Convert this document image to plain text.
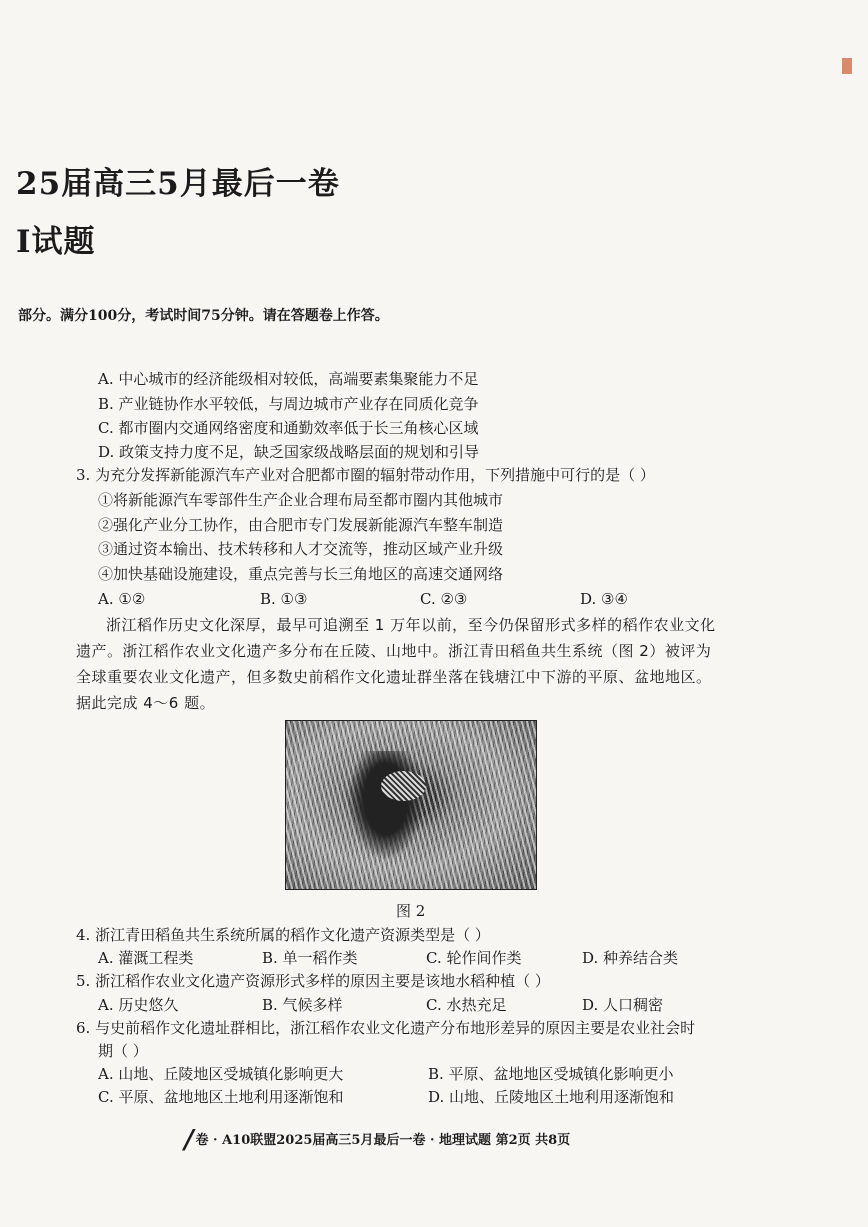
25届高三5月最后一卷
I试题
部分。满分100分，考试时间75分钟。请在答题卷上作答。
A. 中心城市的经济能级相对较低，高端要素集聚能力不足
B. 产业链协作水平较低，与周边城市产业存在同质化竞争
C. 都市圈内交通网络密度和通勤效率低于长三角核心区域
D. 政策支持力度不足，缺乏国家级战略层面的规划和引导
3. 为充分发挥新能源汽车产业对合肥都市圈的辐射带动作用，下列措施中可行的是（ ）
①将新能源汽车零部件生产企业合理布局至都市圈内其他城市
②强化产业分工协作，由合肥市专门发展新能源汽车整车制造
③通过资本输出、技术转移和人才交流等，推动区域产业升级
④加快基础设施建设，重点完善与长三角地区的高速交通网络
A. ①②	B. ①③	C. ②③	D. ③④
浙江稻作历史文化深厚，最早可追溯至 1 万年以前，至今仍保留形式多样的稻作农业文化
遗产。浙江稻作农业文化遗产多分布在丘陵、山地中。浙江青田稻鱼共生系统（图 2）被评为
全球重要农业文化遗产，但多数史前稻作文化遗址群坐落在钱塘江中下游的平原、盆地地区。
据此完成 4～6 题。
图 2
4. 浙江青田稻鱼共生系统所属的稻作文化遗产资源类型是（ ）
A. 灌溉工程类	B. 单一稻作类	C. 轮作间作类	D. 种养结合类
5. 浙江稻作农业文化遗产资源形式多样的原因主要是该地水稻种植（ ）
A. 历史悠久	B. 气候多样	C. 水热充足	D. 人口稠密
6. 与史前稻作文化遗址群相比，浙江稻作农业文化遗产分布地形差异的原因主要是农业社会时
期（ ）
A. 山地、丘陵地区受城镇化影响更大	B. 平原、盆地地区受城镇化影响更小
C. 平原、盆地地区土地利用逐渐饱和	D. 山地、丘陵地区土地利用逐渐饱和
/ 卷 · A10联盟2025届高三5月最后一卷 · 地理试题 第2页 共8页
